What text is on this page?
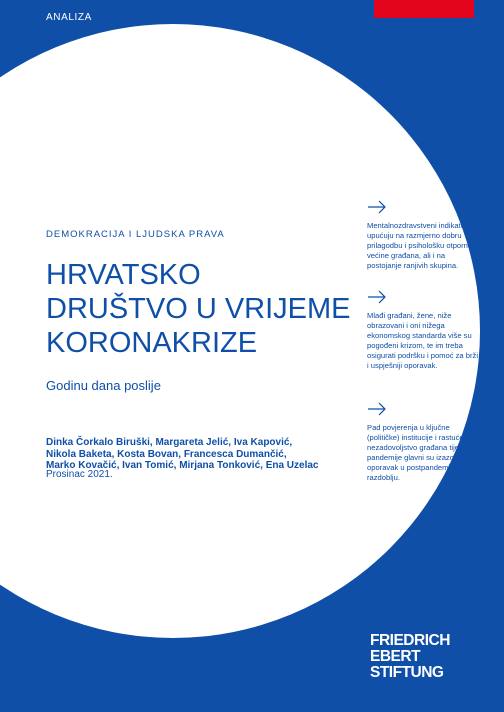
ANALIZA
DEMOKRACIJA I LJUDSKA PRAVA
HRVATSKO
DRUŠTVO U VRIJEME
KORONAKRIZE
Godinu dana poslije
Dinka Čorkalo Biruški, Margareta Jelić, Iva Kapović,
Nikola Baketa, Kosta Bovan, Francesca Dumančić,
Marko Kovačić, Ivan Tomić, Mirjana Tonković, Ena Uzelac
Prosinac 2021.
Mentalnozdravstveni indikatori upućuju na razmjerno dobru prilagodbu i psihološku otpornost većine građana, ali i na postojanje ranjivih skupina.
Mlađi građani, žene, niže obrazovani i oni nižega ekonomskog standarda više su pogođeni krizom, te im treba osigurati podršku i pomoć za brži i uspješniji oporavak.
Pad povjerenja u ključne (političke) institucije i rastuće nezadovoljstvo građana tijekom pandemije glavni su izazovi za oporavak u postpandemijskom razdoblju.
FRIEDRICH
EBERT
STIFTUNG
